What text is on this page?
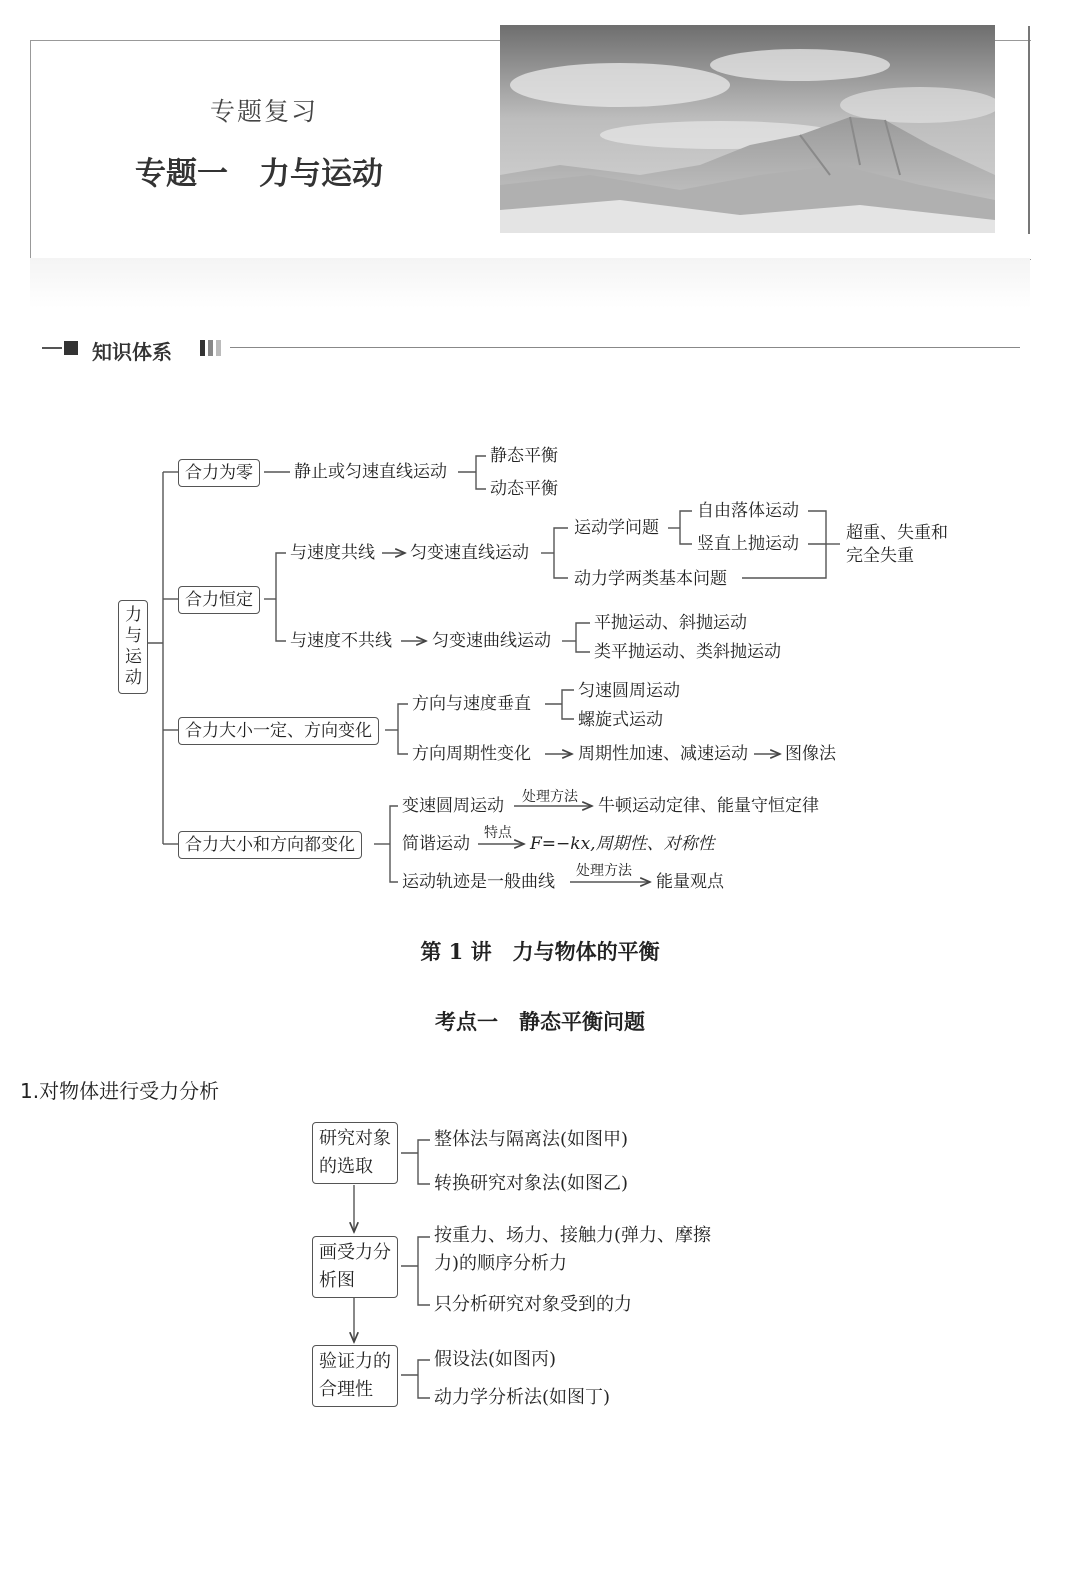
专题复习
专题一　力与运动
知识体系
力与运动
合力为零	静止或匀速直线运动
静态平衡
动态平衡
合力恒定
与速度共线 匀变速直线运动
运动学问题
自由落体运动
竖直上抛运动
动力学两类基本问题
超重、失重和完全失重
与速度不共线 匀变速曲线运动
平抛运动、斜抛运动
类平抛运动、类斜抛运动
合力大小一定、方向变化
方向与速度垂直
匀速圆周运动
螺旋式运动
方向周期性变化	周期性加速、减速运动 图像法
合力大小和方向都变化
变速圆周运动 处理方法 牛顿运动定律、能量守恒定律
简谐运动
特点
F=−kx,周期性、对称性
运动轨迹是一般曲线
处理方法
能量观点
第 1 讲　力与物体的平衡
考点一　静态平衡问题
1.对物体进行受力分析
研究对象的选取
整体法与隔离法(如图甲)
转换研究对象法(如图乙)
画受力分析图
按重力、场力、接触力(弹力、摩擦
力)的顺序分析力
只分析研究对象受到的力
验证力的合理性
假设法(如图丙)
动力学分析法(如图丁)
